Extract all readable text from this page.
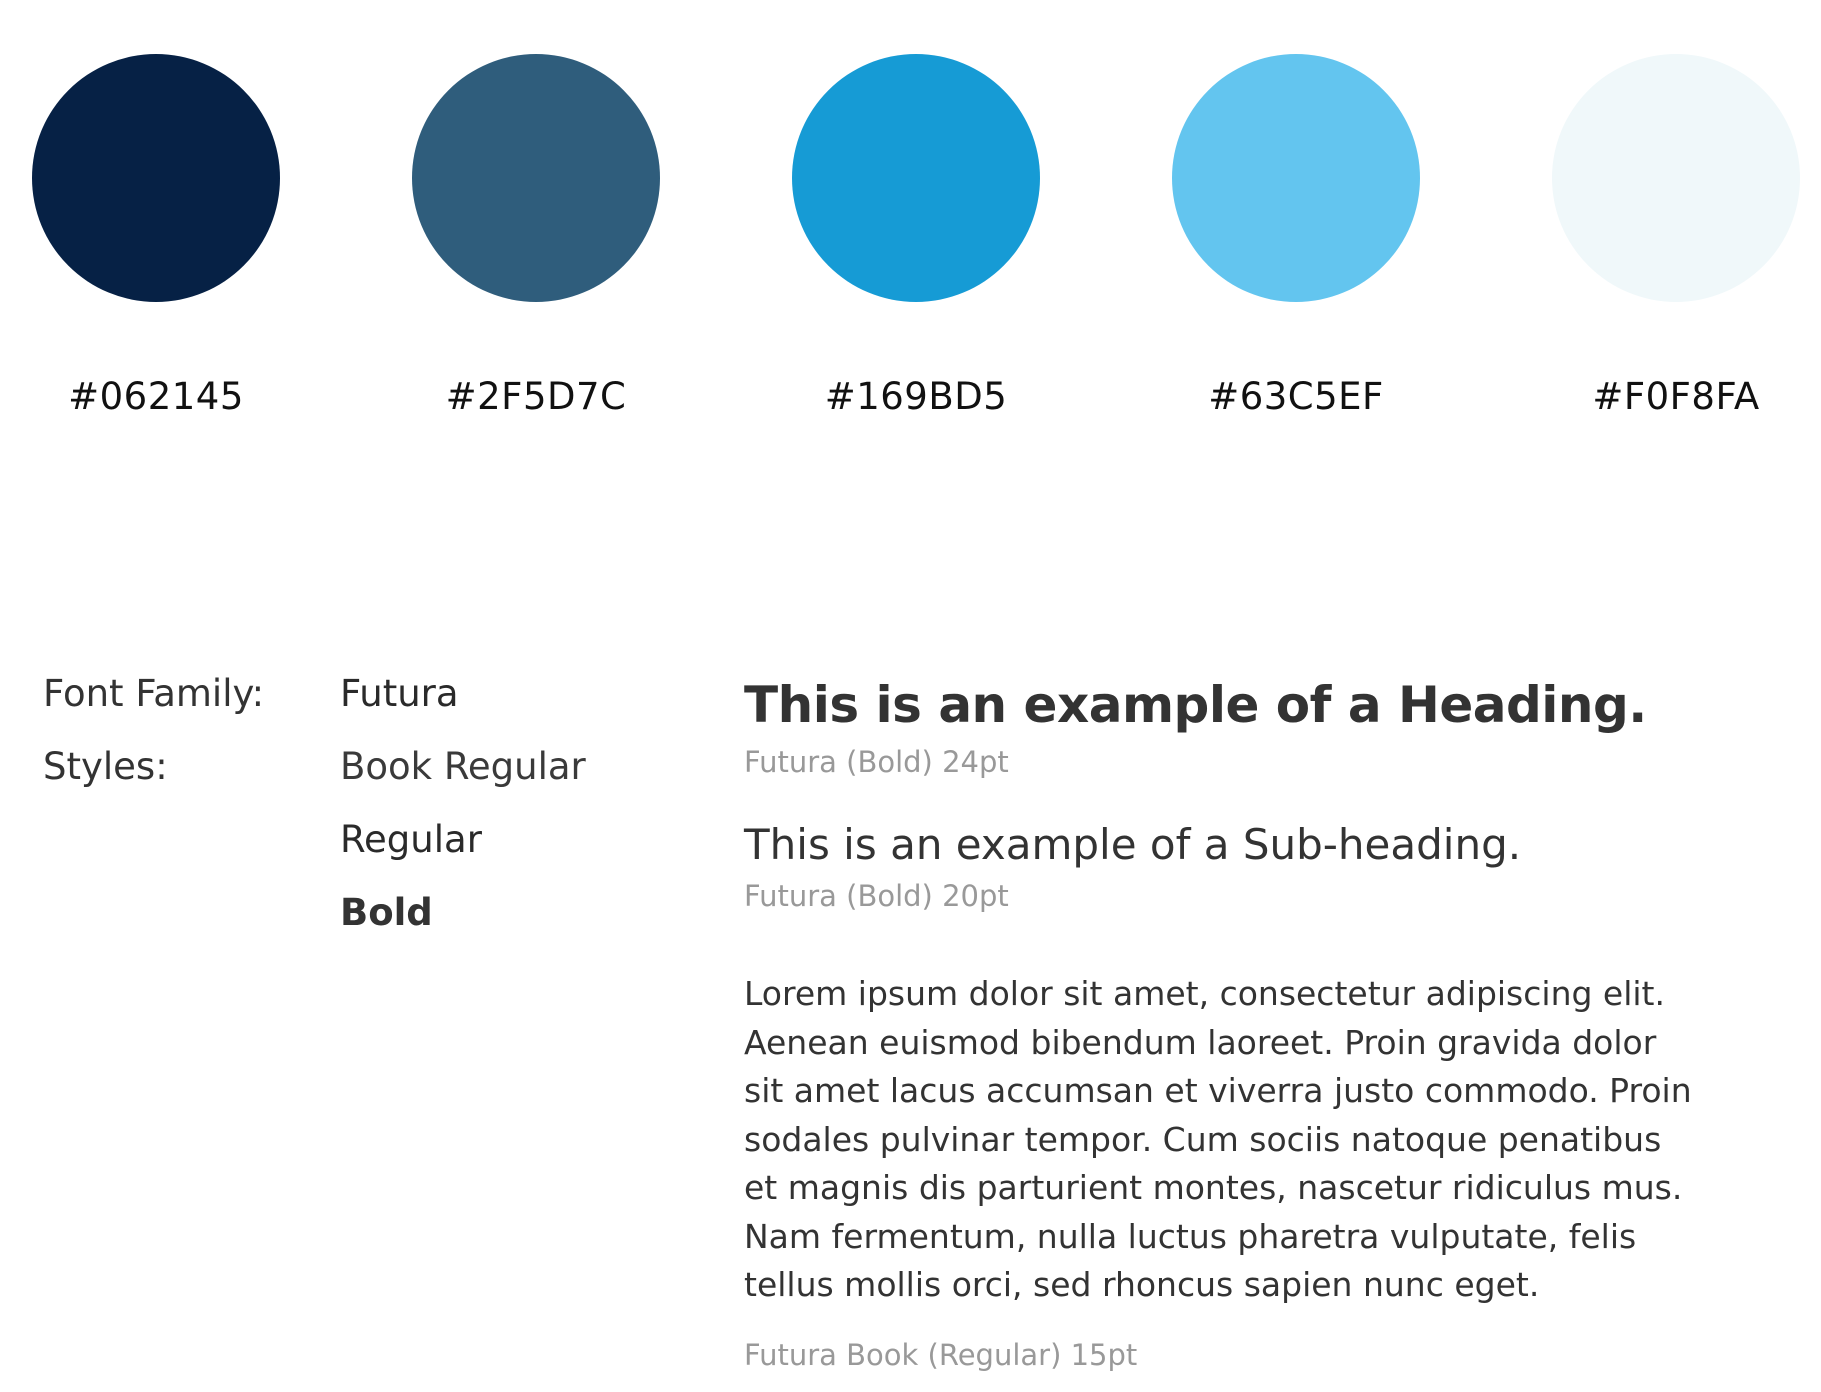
#062145	#2F5D7C	#169BD5	#63C5EF	#F0F8FA
Font Family: Futura
Styles:	Book Regular
Regular
Bold
This is an example of a Heading.
Futura (Bold) 24pt
This is an example of a Sub-heading.
Futura (Bold) 20pt
Lorem ipsum dolor sit amet, consectetur adipiscing elit.
Aenean euismod bibendum laoreet. Proin gravida dolor
sit amet lacus accumsan et viverra justo commodo. Proin
sodales pulvinar tempor. Cum sociis natoque penatibus
et magnis dis parturient montes, nascetur ridiculus mus.
Nam fermentum, nulla luctus pharetra vulputate, felis
tellus mollis orci, sed rhoncus sapien nunc eget.
Futura Book (Regular) 15pt
